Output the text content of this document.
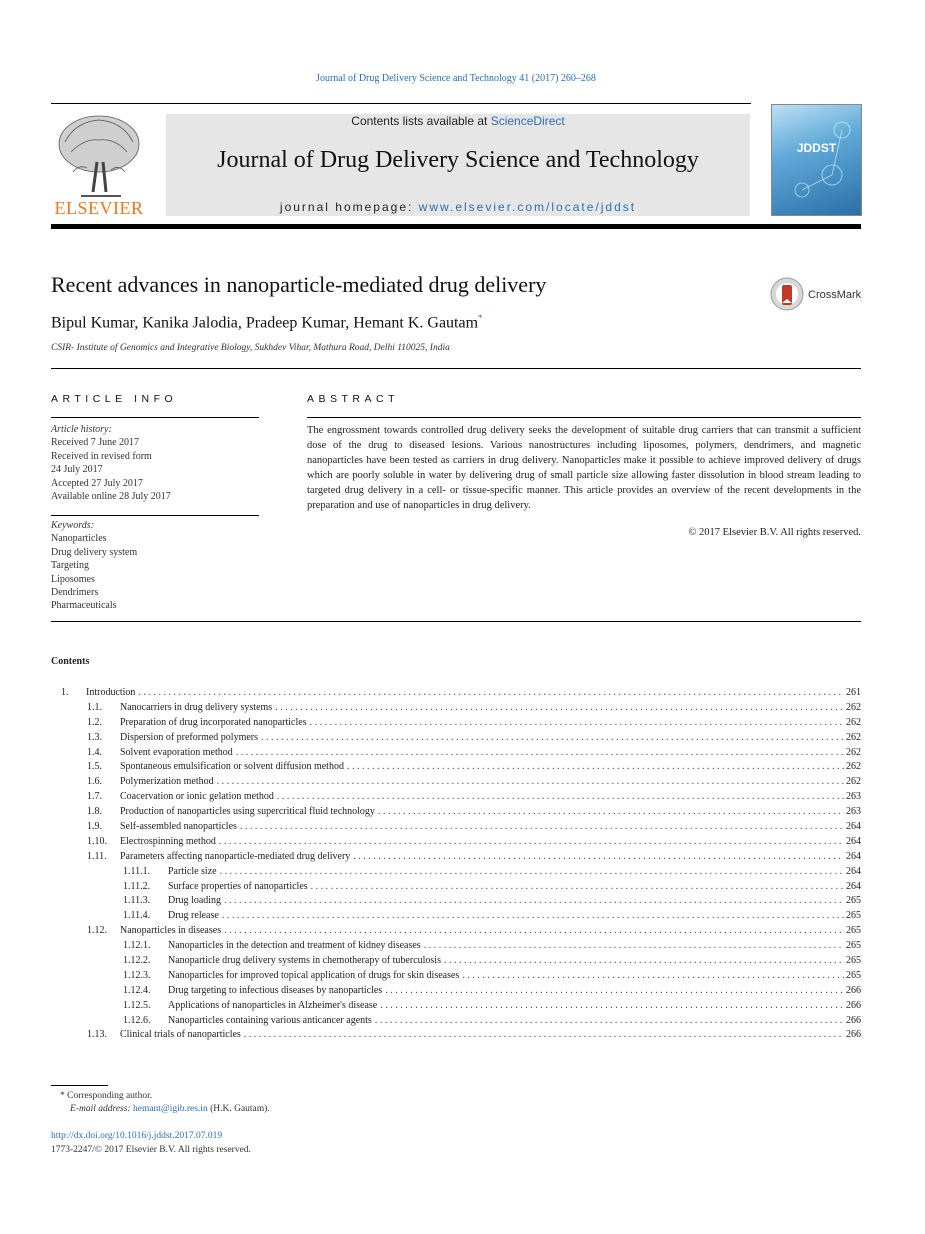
Journal of Drug Delivery Science and Technology 41 (2017) 260–268
ELSEVIER
Contents lists available at ScienceDirect
Journal of Drug Delivery Science and Technology
journal homepage: www.elsevier.com/locate/jddst
JDDST
Recent advances in nanoparticle-mediated drug delivery	CrossMark
Bipul Kumar, Kanika Jalodia, Pradeep Kumar, Hemant K. Gautam*
CSIR- Institute of Genomics and Integrative Biology, Sukhdev Vihar, Mathura Road, Delhi 110025, India
ARTICLE INFO	ABSTRACT
Article history:
Received 7 June 2017
Received in revised form
24 July 2017
Accepted 27 July 2017
Available online 28 July 2017
Keywords:
Nanoparticles
Drug delivery system
Targeting
Liposomes
Dendrimers
Pharmaceuticals
The engrossment towards controlled drug delivery seeks the development of suitable drug carriers that can transmit a sufficient dose of the drug to diseased lesions. Various nanostructures including liposomes, polymers, dendrimers, and magnetic nanoparticles have been tested as carriers in drug delivery. Nanoparticles make it possible to achieve improved delivery of drugs which are poorly soluble in water by delivering drug of small particle size allowing faster dissolution in blood stream leading to targeted drug delivery in a cell- or tissue-specific manner. This article provides an overview of the recent developments in the preparation and use of nanoparticles in drug delivery.
© 2017 Elsevier B.V. All rights reserved.
Contents
1.	Introduction . . .	261
1.1.	Nanocarriers in drug delivery systems . . .	262
1.2.	Preparation of drug incorporated nanoparticles . . .	262
1.3.	Dispersion of preformed polymers . . .	262
1.4.	Solvent evaporation method . . .	262
1.5.	Spontaneous emulsification or solvent diffusion method . . .	262
1.6.	Polymerization method . . .	262
1.7.	Coacervation or ionic gelation method . . .	263
1.8.	Production of nanoparticles using supercritical fluid technology . . .	263
1.9.	Self-assembled nanoparticles . . .	264
1.10.	Electrospinning method . . .	264
1.11.	Parameters affecting nanoparticle-mediated drug delivery . . .	264
1.11.1.	Particle size . . .	264
1.11.2.	Surface properties of nanoparticles . . .	264
1.11.3.	Drug loading . . .	265
1.11.4.	Drug release . . .	265
1.12.	Nanoparticles in diseases . . .	265
1.12.1.	Nanoparticles in the detection and treatment of kidney diseases . . .	265
1.12.2.	Nanoparticle drug delivery systems in chemotherapy of tuberculosis . . .	265
1.12.3.	Nanoparticles for improved topical application of drugs for skin diseases . . .	265
1.12.4.	Drug targeting to infectious diseases by nanoparticles . . .	266
1.12.5.	Applications of nanoparticles in Alzheimer's disease . . .	266
1.12.6.	Nanoparticles containing various anticancer agents . . .	266
1.13.	Clinical trials of nanoparticles . . .	266
* Corresponding author.
E-mail address: hemant@igib.res.in (H.K. Gautam).
http://dx.doi.org/10.1016/j.jddst.2017.07.019
1773-2247/© 2017 Elsevier B.V. All rights reserved.
